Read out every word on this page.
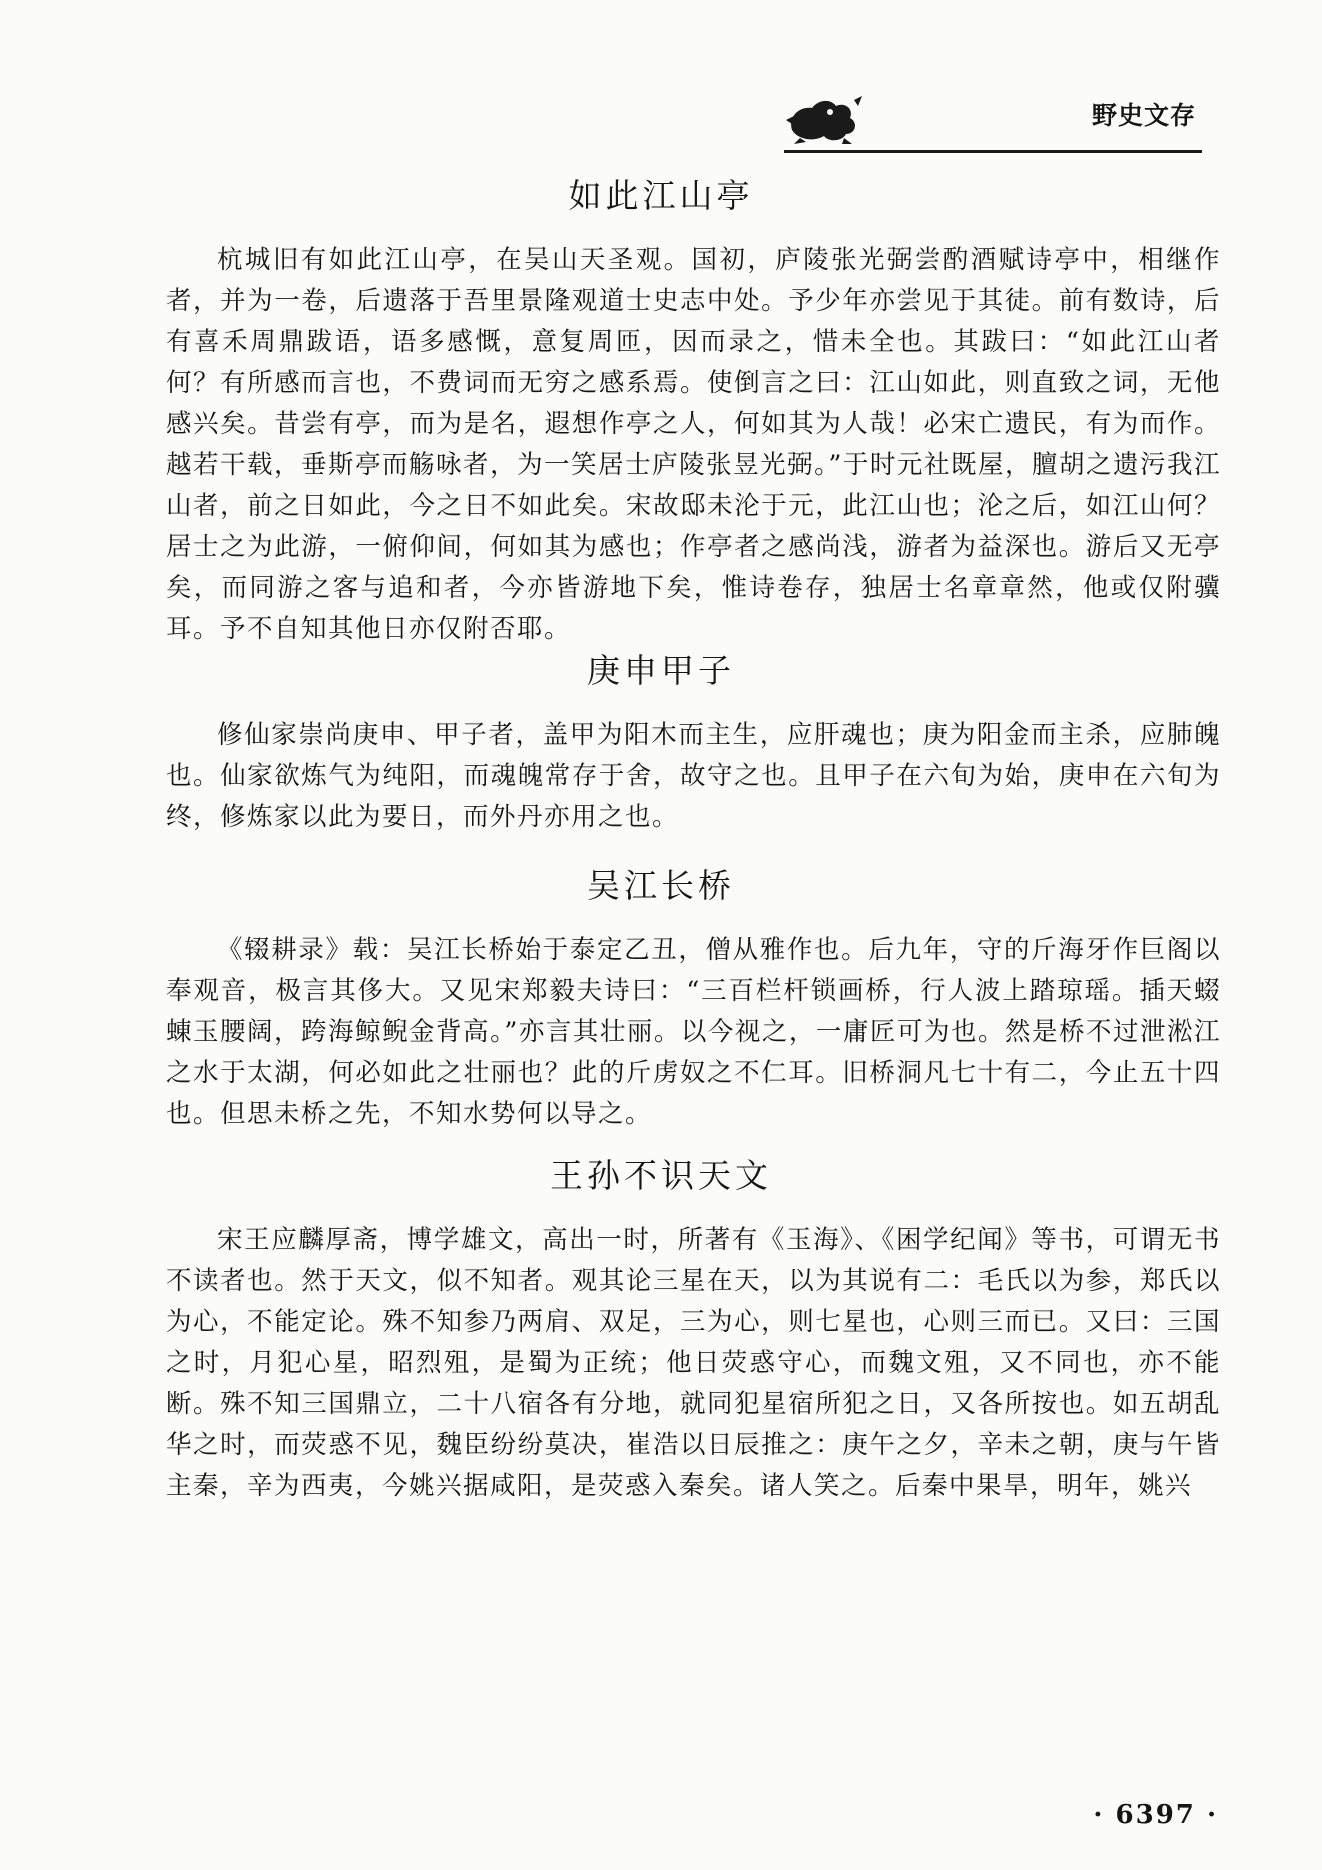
野史文存
如此江山亭

杭城旧有如此江山亭，在吴山天圣观。国初，庐陵张光弼尝酌酒赋诗亭中，相继作者，并为一卷，后遗落于吾里景隆观道士史志中处。予少年亦尝见于其徒。前有数诗，后有喜禾周鼎跋语，语多感慨，意复周匝，因而录之，惜未全也。其跋曰：“如此江山者何？有所感而言也，不费词而无穷之感系焉。使倒言之曰：江山如此，则直致之词，无他感兴矣。昔尝有亭，而为是名，遐想作亭之人，何如其为人哉！必宋亡遗民，有为而作。越若干载，垂斯亭而觞咏者，为一笑居士庐陵张昱光弼。”于时元社既屋，膻胡之遗污我江山者，前之日如此，今之日不如此矣。宋故邸未沦于元，此江山也；沦之后，如江山何？居士之为此游，一俯仰间，何如其为感也；作亭者之感尚浅，游者为益深也。游后又无亭矣，而同游之客与追和者，今亦皆游地下矣，惟诗卷存，独居士名章章然，他或仅附骥耳。予不自知其他日亦仅附否耶。

庚申甲子

修仙家崇尚庚申、甲子者，盖甲为阳木而主生，应肝魂也；庚为阳金而主杀，应肺魄也。仙家欲炼气为纯阳，而魂魄常存于舍，故守之也。且甲子在六旬为始，庚申在六旬为终，修炼家以此为要日，而外丹亦用之也。

吴江长桥

《辍耕录》载：吴江长桥始于泰定乙丑，僧从雅作也。后九年，守的斤海牙作巨阁以奉观音，极言其侈大。又见宋郑毅夫诗曰：“三百栏杆锁画桥，行人波上踏琼瑶。插天蝃蝀玉腰阔，跨海鲸鲵金背高。”亦言其壮丽。以今视之，一庸匠可为也。然是桥不过泄淞江之水于太湖，何必如此之壮丽也？此的斤虏奴之不仁耳。旧桥洞凡七十有二，今止五十四也。但思未桥之先，不知水势何以导之。

王孙不识天文

宋王应麟厚斋，博学雄文，高出一时，所著有《玉海》、《困学纪闻》等书，可谓无书不读者也。然于天文，似不知者。观其论三星在天，以为其说有二：毛氏以为参，郑氏以为心，不能定论。殊不知参乃两肩、双足，三为心，则七星也，心则三而已。又曰：三国之时，月犯心星，昭烈殂，是蜀为正统；他日荧惑守心，而魏文殂，又不同也，亦不能断。殊不知三国鼎立，二十八宿各有分地，就同犯星宿所犯之日，又各所按也。如五胡乱华之时，而荧惑不见，魏臣纷纷莫决，崔浩以日辰推之：庚午之夕，辛未之朝，庚与午皆主秦，辛为西夷，今姚兴据咸阳，是荧惑入秦矣。诸人笑之。后秦中果旱，明年，姚兴

· 6397 ·
